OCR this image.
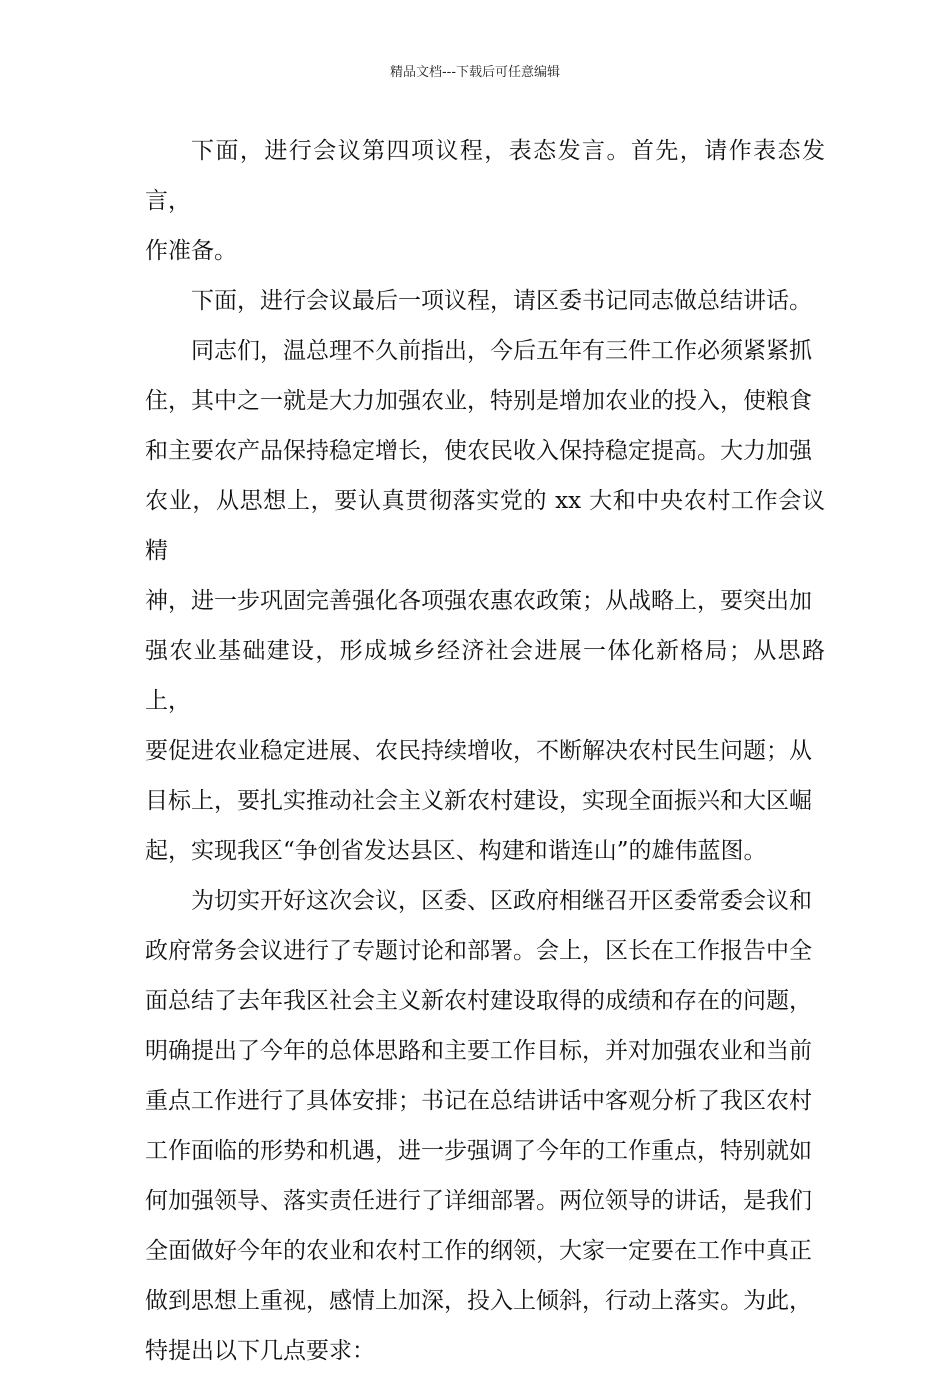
精品文档---下载后可任意编辑

下面，进行会议第四项议程，表态发言。首先，请作表态发言，
作准备。

下面，进行会议最后一项议程，请区委书记同志做总结讲话。

同志们，温总理不久前指出，今后五年有三件工作必须紧紧抓
住，其中之一就是大力加强农业，特别是增加农业的投入，使粮食
和主要农产品保持稳定增长，使农民收入保持稳定提高。大力加强
农业，从思想上，要认真贯彻落实党的 xx 大和中央农村工作会议精
神，进一步巩固完善强化各项强农惠农政策；从战略上，要突出加
强农业基础建设，形成城乡经济社会进展一体化新格局；从思路上，
要促进农业稳定进展、农民持续增收，不断解决农村民生问题；从
目标上，要扎实推动社会主义新农村建设，实现全面振兴和大区崛
起，实现我区“争创省发达县区、构建和谐连山”的雄伟蓝图。

为切实开好这次会议，区委、区政府相继召开区委常委会议和
政府常务会议进行了专题讨论和部署。会上，区长在工作报告中全
面总结了去年我区社会主义新农村建设取得的成绩和存在的问题，
明确提出了今年的总体思路和主要工作目标，并对加强农业和当前
重点工作进行了具体安排；书记在总结讲话中客观分析了我区农村
工作面临的形势和机遇，进一步强调了今年的工作重点，特别就如
何加强领导、落实责任进行了详细部署。两位领导的讲话，是我们
全面做好今年的农业和农村工作的纲领，大家一定要在工作中真正
做到思想上重视，感情上加深，投入上倾斜，行动上落实。为此，
特提出以下几点要求：
